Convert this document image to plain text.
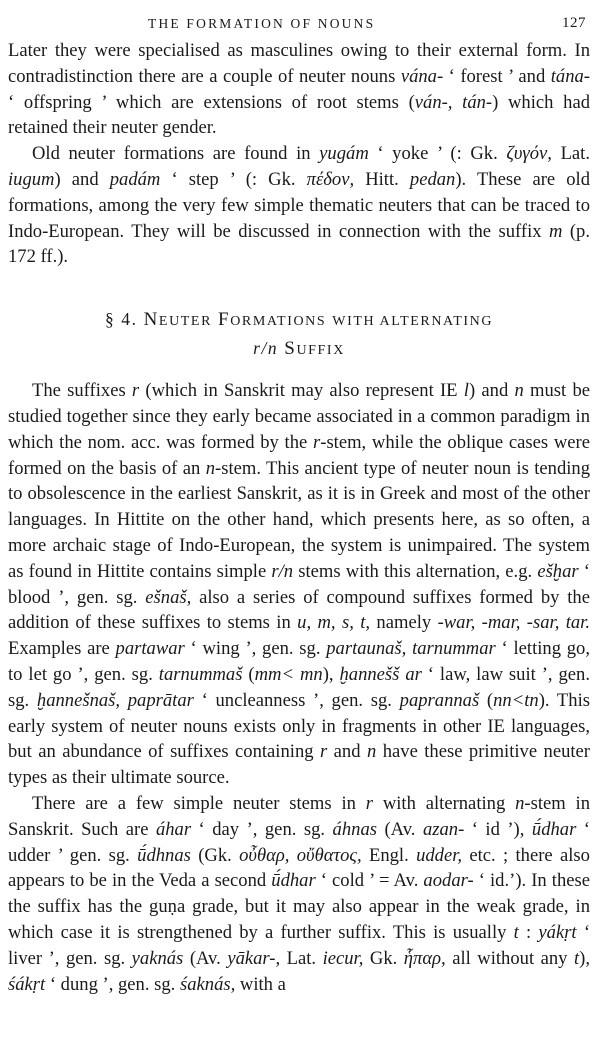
THE FORMATION OF NOUNS	127

Later they were specialised as masculines owing to their external form. In contradistinction there are a couple of neuter nouns vána- ‘ forest ’ and tána- ‘ offspring ’ which are extensions of root stems (ván-, tán-) which had retained their neuter gender.

Old neuter formations are found in yugám ‘ yoke ’ (: Gk. ζυγόν, Lat. iugum) and padám ‘ step ’ (: Gk. πέδον, Hitt. pedan). These are old formations, among the very few simple thematic neuters that can be traced to Indo-European. They will be discussed in connection with the suffix m (p. 172 ff.).

§ 4. NEUTER FORMATIONS WITH ALTERNATING
r/n SUFFIX

The suffixes r (which in Sanskrit may also represent IE l) and n must be studied together since they early became associated in a common paradigm in which the nom. acc. was formed by the r-stem, while the oblique cases were formed on the basis of an n-stem. This ancient type of neuter noun is tending to obsolescence in the earliest Sanskrit, as it is in Greek and most of the other languages. In Hittite on the other hand, which presents here, as so often, a more archaic stage of Indo-European, the system is unimpaired. The system as found in Hittite contains simple r/n stems with this alternation, e.g. ešḫar ‘ blood ’, gen. sg. ešnaš, also a series of compound suffixes formed by the addition of these suffixes to stems in u, m, s, t, namely -war, -mar, -sar, tar. Examples are partawar ‘ wing ’, gen. sg. partaunaš, tarnummar ‘ letting go, to let go ’, gen. sg. tarnummaš (mm< mn), ḫannešš ar ‘ law, law suit ’, gen. sg. ḫannešnaš, paprātar ‘ uncleanness ’, gen. sg. paprannaš (nn<tn). This early system of neuter nouns exists only in fragments in other IE languages, but an abundance of suffixes containing r and n have these primitive neuter types as their ultimate source.

There are a few simple neuter stems in r with alternating n-stem in Sanskrit. Such are áhar ‘ day ’, gen. sg. áhnas (Av. azan- ‘ id ’), ū́dhar ‘ udder ’ gen. sg. ū́dhnas (Gk. οὖθαρ, οὔθατος, Engl. udder, etc. ; there also appears to be in the Veda a second ū́dhar ‘ cold ’ = Av. aodar- ‘ id.’). In these the suffix has the guṇa grade, but it may also appear in the weak grade, in which case it is strengthened by a further suffix. This is usually t : yákṛt ‘ liver ’, gen. sg. yaknás (Av. yākar-, Lat. iecur, Gk. ἧπαρ, all without any t), śákṛt ‘ dung ’, gen. sg. śaknás, with a
